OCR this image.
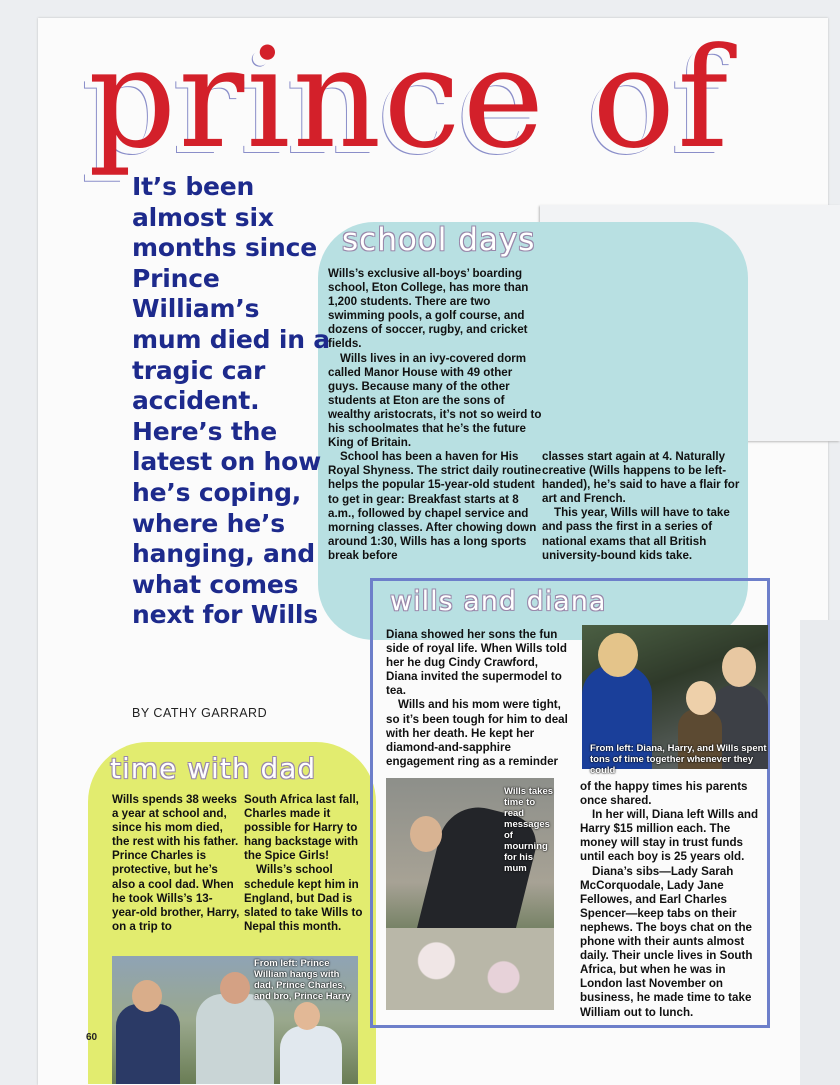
prince of
It’s been almost six months since Prince William’s mum died in a tragic car accident. Here’s the latest on how he’s coping, where he’s hanging, and what comes next for Wills
BY CATHY GARRARD
school days

Wills’s exclusive all-boys’ boarding school, Eton College, has more than 1,200 students. There are two swimming pools, a golf course, and dozens of soccer, rugby, and cricket fields.

Wills lives in an ivy-covered dorm called Manor House with 49 other guys. Because many of the other students at Eton are the sons of wealthy aristocrats, it’s not so weird to his schoolmates that he’s the future King of Britain.

School has been a haven for His Royal Shyness. The strict daily routine helps the popular 15-year-old student to get in gear: Breakfast starts at 8 a.m., followed by chapel service and morning classes. After chowing down around 1:30, Wills has a long sports break before

classes start again at 4. Naturally creative (Wills happens to be left-handed), he’s said to have a flair for art and French.

This year, Wills will have to take and pass the first in a series of national exams that all British university-bound kids take.

wills and diana

Diana showed her sons the fun side of royal life. When Wills told her he dug Cindy Crawford, Diana invited the supermodel to tea.

Wills and his mom were tight, so it’s been tough for him to deal with her death. He kept her diamond-and-sapphire engagement ring as a reminder

From left: Diana, Harry, and Wills spent tons of time together whenever they could
Wills takes time to read messages of mourning for his mum

of the happy times his parents once shared.

In her will, Diana left Wills and Harry $15 million each. The money will stay in trust funds until each boy is 25 years old.

Diana’s sibs—Lady Sarah McCorquodale, Lady Jane Fellowes, and Earl Charles Spencer—keep tabs on their nephews. The boys chat on the phone with their aunts almost daily. Their uncle lives in South Africa, but when he was in London last November on business, he made time to take William out to lunch.

time with dad

Wills spends 38 weeks a year at school and, since his mom died, the rest with his father. Prince Charles is protective, but he’s also a cool dad. When he took Wills’s 13-year-old brother, Harry, on a trip to

South Africa last fall, Charles made it possible for Harry to hang backstage with the Spice Girls!

Wills’s school schedule kept him in England, but Dad is slated to take Wills to Nepal this month.

From left: Prince William hangs with dad, Prince Charles, and bro, Prince Harry
60
